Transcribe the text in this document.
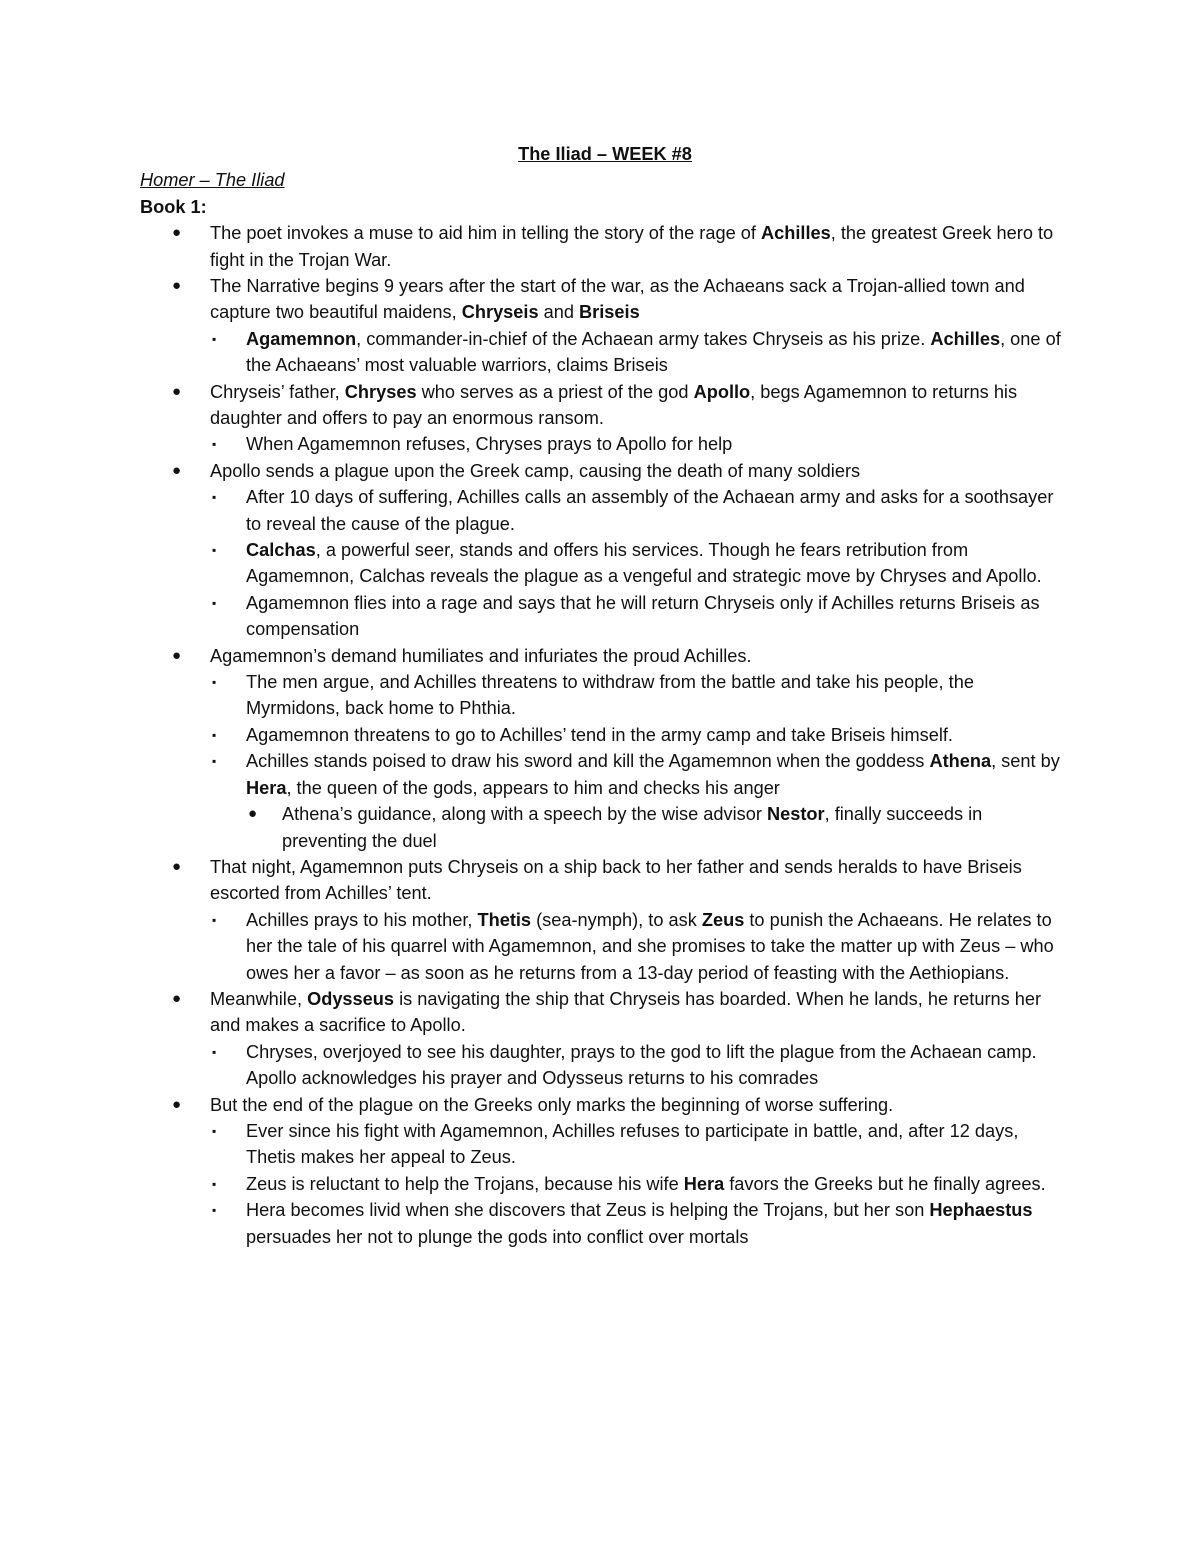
The Iliad – WEEK #8
Homer – The Iliad
Book 1:
● The poet invokes a muse to aid him in telling the story of the rage of Achilles, the greatest Greek hero to fight in the Trojan War.
● The Narrative begins 9 years after the start of the war, as the Achaeans sack a Trojan-allied town and capture two beautiful maidens, Chryseis and Briseis
▪ Agamemnon, commander-in-chief of the Achaean army takes Chryseis as his prize. Achilles, one of the Achaeans’ most valuable warriors, claims Briseis
● Chryseis’ father, Chryses who serves as a priest of the god Apollo, begs Agamemnon to returns his daughter and offers to pay an enormous ransom.
▪ When Agamemnon refuses, Chryses prays to Apollo for help
● Apollo sends a plague upon the Greek camp, causing the death of many soldiers
▪ After 10 days of suffering, Achilles calls an assembly of the Achaean army and asks for a soothsayer to reveal the cause of the plague.
▪ Calchas, a powerful seer, stands and offers his services. Though he fears retribution from Agamemnon, Calchas reveals the plague as a vengeful and strategic move by Chryses and Apollo.
▪ Agamemnon flies into a rage and says that he will return Chryseis only if Achilles returns Briseis as compensation
● Agamemnon’s demand humiliates and infuriates the proud Achilles.
▪ The men argue, and Achilles threatens to withdraw from the battle and take his people, the Myrmidons, back home to Phthia.
▪ Agamemnon threatens to go to Achilles’ tend in the army camp and take Briseis himself.
▪ Achilles stands poised to draw his sword and kill the Agamemnon when the goddess Athena, sent by Hera, the queen of the gods, appears to him and checks his anger
● Athena’s guidance, along with a speech by the wise advisor Nestor, finally succeeds in preventing the duel
● That night, Agamemnon puts Chryseis on a ship back to her father and sends heralds to have Briseis escorted from Achilles’ tent.
▪ Achilles prays to his mother, Thetis (sea-nymph), to ask Zeus to punish the Achaeans. He relates to her the tale of his quarrel with Agamemnon, and she promises to take the matter up with Zeus – who owes her a favor – as soon as he returns from a 13-day period of feasting with the Aethiopians.
● Meanwhile, Odysseus is navigating the ship that Chryseis has boarded. When he lands, he returns her and makes a sacrifice to Apollo.
▪ Chryses, overjoyed to see his daughter, prays to the god to lift the plague from the Achaean camp. Apollo acknowledges his prayer and Odysseus returns to his comrades
● But the end of the plague on the Greeks only marks the beginning of worse suffering.
▪ Ever since his fight with Agamemnon, Achilles refuses to participate in battle, and, after 12 days, Thetis makes her appeal to Zeus.
▪ Zeus is reluctant to help the Trojans, because his wife Hera favors the Greeks but he finally agrees.
▪ Hera becomes livid when she discovers that Zeus is helping the Trojans, but her son Hephaestus persuades her not to plunge the gods into conflict over mortals
